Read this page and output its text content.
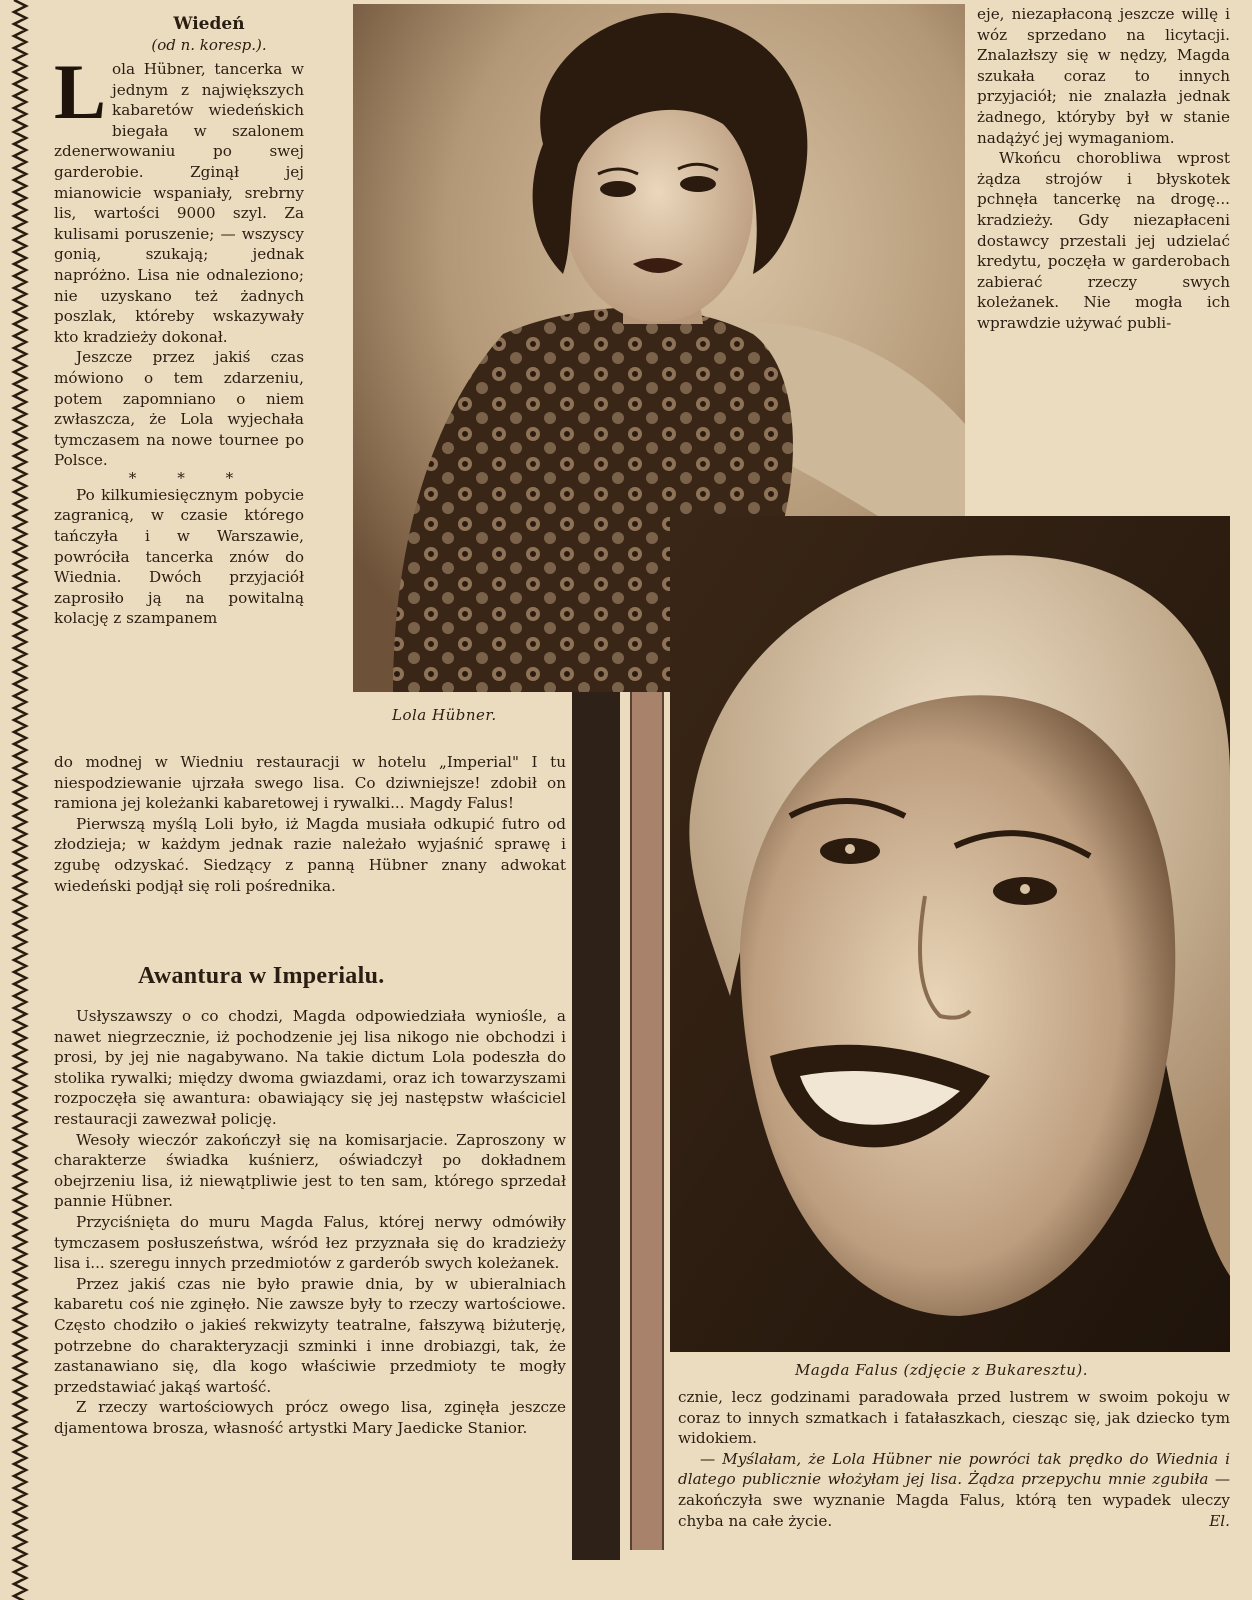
Wiedeń
(od n. koresp.).

Lola Hübner, tancerka w jednym z największych kabaretów wiedeńskich biegała w szalonem zdenerwowaniu po swej garderobie. Zginął jej mianowicie wspaniały, srebrny lis, wartości 9000 szyl. Za kulisami poruszenie; — wszyscy gonią, szukają; jednak napróżno. Lisa nie odnaleziono; nie uzyskano też żadnych poszlak, któreby wskazywały kto kradzieży dokonał.

Jeszcze przez jakiś czas mówiono o tem zdarzeniu, potem zapomniano o niem zwłaszcza, że Lola wyjechała tymczasem na nowe tournee po Polsce.

* * *

Po kilkumiesięcznym pobycie zagranicą, w czasie którego tańczyła i w Warszawie, powróciła tancerka znów do Wiednia. Dwóch przyjaciół zaprosiło ją na powitalną kolację z szampanem

do modnej w Wiedniu restauracji w hotelu „Imperial" I tu niespodziewanie ujrzała swego lisa. Co dziwniejsze! zdobił on ramiona jej koleżanki kabaretowej i rywalki... Magdy Falus!

Pierwszą myślą Loli było, iż Magda musiała odkupić futro od złodzieja; w każdym jednak razie należało wyjaśnić sprawę i zgubę odzyskać. Siedzący z panną Hübner znany adwokat wiedeński podjął się roli pośrednika.

Awantura w Imperialu.

Usłyszawszy o co chodzi, Magda odpowiedziała wyniośle, a nawet niegrzecznie, iż pochodzenie jej lisa nikogo nie obchodzi i prosi, by jej nie nagabywano. Na takie dictum Lola podeszła do stolika rywalki; między dwoma gwiazdami, oraz ich towarzyszami rozpoczęła się awantura: obawiający się jej następstw właściciel restauracji zawezwał policję.

Wesoły wieczór zakończył się na komisarjacie. Zaproszony w charakterze świadka kuśnierz, oświadczył po dokładnem obejrzeniu lisa, iż niewątpliwie jest to ten sam, którego sprzedał pannie Hübner.

Przyciśnięta do muru Magda Falus, której nerwy odmówiły tymczasem posłuszeństwa, wśród łez przyznała się do kradzieży lisa i... szeregu innych przedmiotów z garderób swych koleżanek.

Przez jakiś czas nie było prawie dnia, by w ubieralniach kabaretu coś nie zginęło. Nie zawsze były to rzeczy wartościowe. Często chodziło o jakieś rekwizyty teatralne, fałszywą biżuterję, potrzebne do charakteryzacji szminki i inne drobiazgi, tak, że zastanawiano się, dla kogo właściwie przedmioty te mogły przedstawiać jakąś wartość.

Z rzeczy wartościowych prócz owego lisa, zginęła jeszcze djamentowa brosza, własność artystki Mary Jaedicke Stanior.

Lola Hübner.

eje, niezapłaconą jeszcze willę i wóz sprzedano na licytacji. Znalazłszy się w nędzy, Magda szukała coraz to innych przyjaciół; nie znalazła jednak żadnego, któryby był w stanie nadążyć jej wymaganiom.

Wkońcu chorobliwa wprost żądza strojów i błyskotek pchnęła tancerkę na drogę... kradzieży. Gdy niezapłaceni dostawcy przestali jej udzielać kredytu, poczęła w garderobach zabierać rzeczy swych koleżanek. Nie mogła ich wprawdzie używać publi-

Magda Falus (zdjęcie z Bukaresztu).

cznie, lecz godzinami paradowała przed lustrem w swoim pokoju w coraz to innych szmatkach i fatałaszkach, ciesząc się, jak dziecko tym widokiem.

— Myślałam, że Lola Hübner nie powróci tak prędko do Wiednia i dlatego publicznie włożyłam jej lisa. Żądza przepychu mnie zgubiła — zakończyła swe wyznanie Magda Falus, którą ten wypadek uleczy chyba na całe życie.	El.
